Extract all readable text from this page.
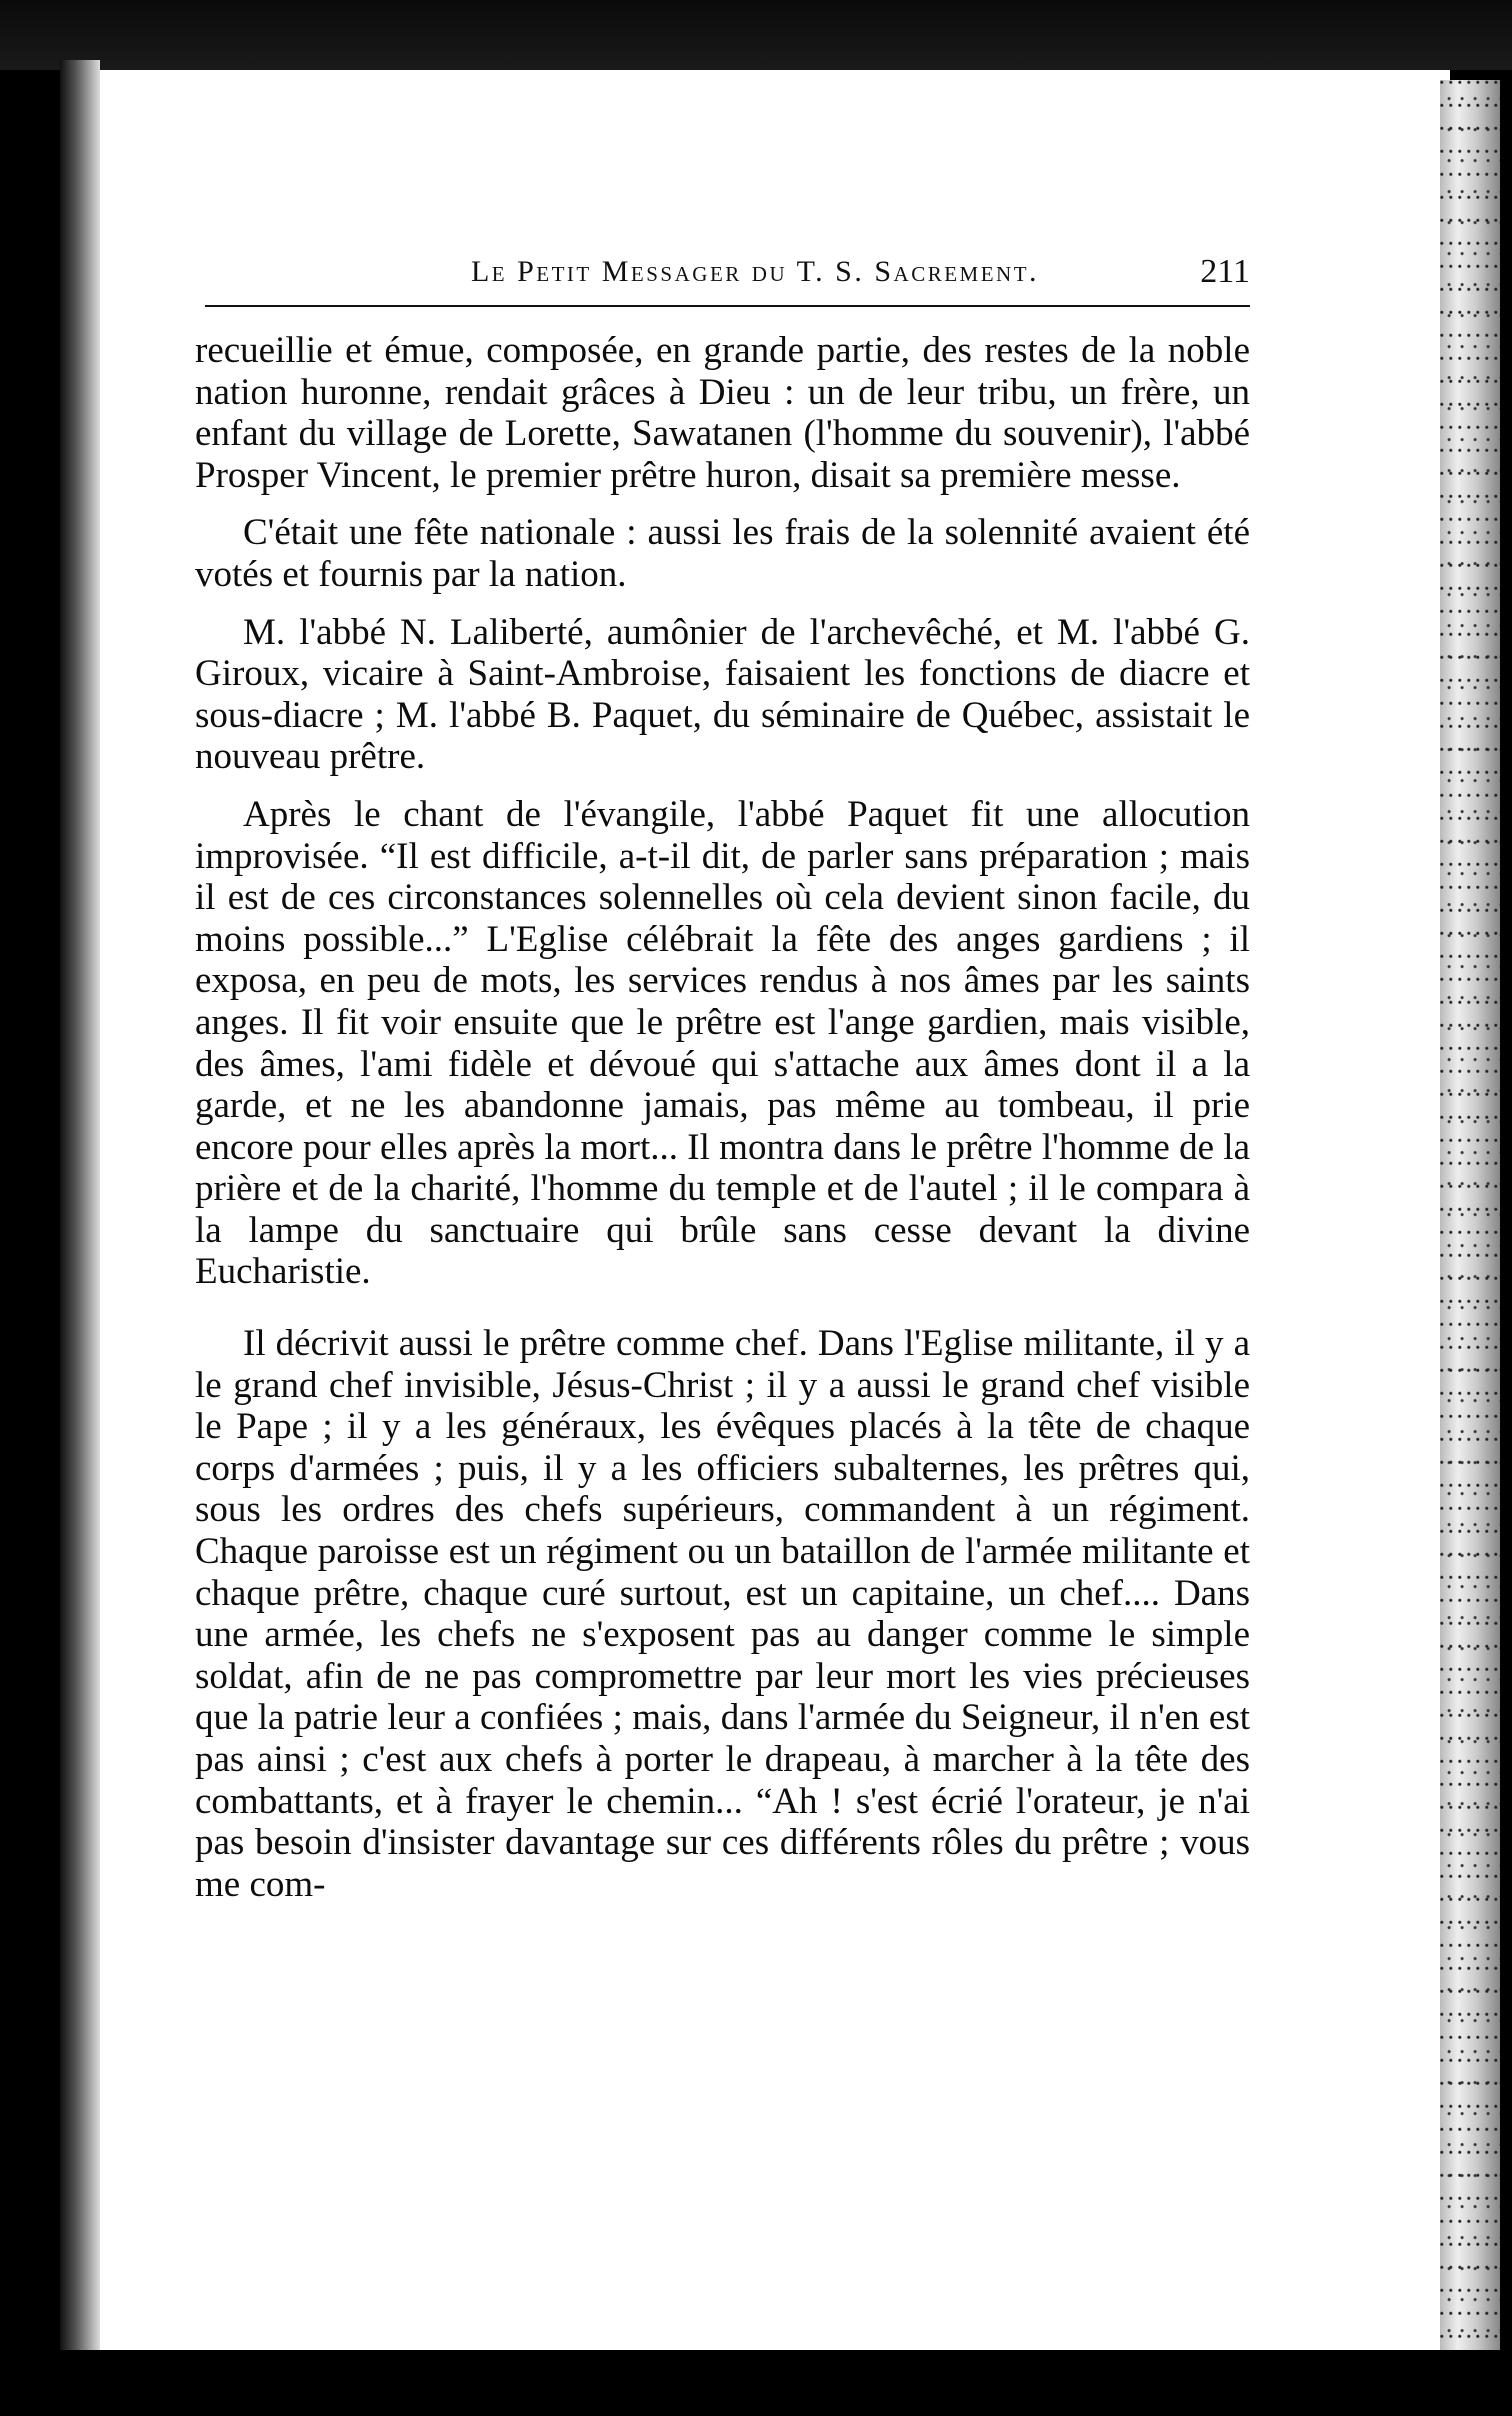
Le Petit Messager du T. S. Sacrement.	211

recueillie et émue, composée, en grande partie, des restes de la noble nation huronne, rendait grâces à Dieu : un de leur tribu, un frère, un enfant du village de Lorette, Sawatanen (l'homme du souvenir), l'abbé Prosper Vincent, le premier prêtre huron, disait sa première messe.

C'était une fête nationale : aussi les frais de la solennité avaient été votés et fournis par la nation.

M. l'abbé N. Laliberté, aumônier de l'archevêché, et M. l'abbé G. Giroux, vicaire à Saint-Ambroise, faisaient les fonctions de diacre et sous-diacre ; M. l'abbé B. Paquet, du séminaire de Québec, assistait le nouveau prêtre.

Après le chant de l'évangile, l'abbé Paquet fit une allocution improvisée. “Il est difficile, a-t-il dit, de parler sans préparation ; mais il est de ces circonstances solennelles où cela devient sinon facile, du moins possible...” L'Eglise célébrait la fête des anges gardiens ; il exposa, en peu de mots, les services rendus à nos âmes par les saints anges. Il fit voir ensuite que le prêtre est l'ange gardien, mais visible, des âmes, l'ami fidèle et dévoué qui s'attache aux âmes dont il a la garde, et ne les abandonne jamais, pas même au tombeau, il prie encore pour elles après la mort... Il montra dans le prêtre l'homme de la prière et de la charité, l'homme du temple et de l'autel ; il le compara à la lampe du sanctuaire qui brûle sans cesse devant la divine Eucharistie.

Il décrivit aussi le prêtre comme chef. Dans l'Eglise militante, il y a le grand chef invisible, Jésus-Christ ; il y a aussi le grand chef visible le Pape ; il y a les généraux, les évêques placés à la tête de chaque corps d'armées ; puis, il y a les officiers subalternes, les prêtres qui, sous les ordres des chefs supérieurs, commandent à un régiment. Chaque paroisse est un régiment ou un bataillon de l'armée militante et chaque prêtre, chaque curé surtout, est un capitaine, un chef.... Dans une armée, les chefs ne s'exposent pas au danger comme le simple soldat, afin de ne pas compromettre par leur mort les vies précieuses que la patrie leur a confiées ; mais, dans l'armée du Seigneur, il n'en est pas ainsi ; c'est aux chefs à porter le drapeau, à marcher à la tête des combattants, et à frayer le chemin... “Ah ! s'est écrié l'orateur, je n'ai pas besoin d'insister davantage sur ces différents rôles du prêtre ; vous me com-
